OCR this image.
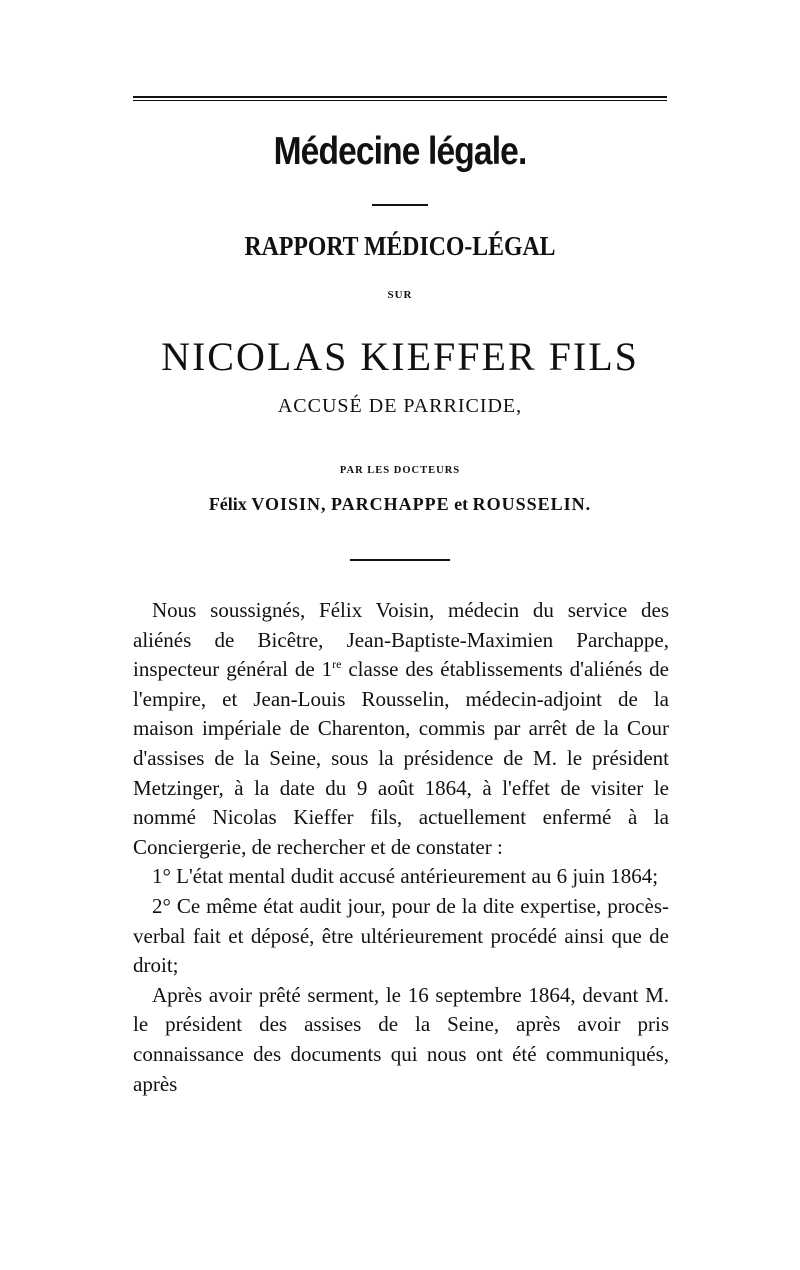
Médecine légale.
RAPPORT MÉDICO-LÉGAL
SUR
NICOLAS KIEFFER FILS
ACCUSÉ DE PARRICIDE,
PAR LES DOCTEURS
Félix VOISIN, PARCHAPPE et ROUSSELIN.

Nous soussignés, Félix Voisin, médecin du service des aliénés de Bicêtre, Jean-Baptiste-Maximien Parchappe, inspecteur général de 1re classe des établissements d'aliénés de l'empire, et Jean-Louis Rousselin, médecin-adjoint de la maison impériale de Charenton, commis par arrêt de la Cour d'assises de la Seine, sous la présidence de M. le président Metzinger, à la date du 9 août 1864, à l'effet de visiter le nommé Nicolas Kieffer fils, actuellement enfermé à la Conciergerie, de rechercher et de constater :

1° L'état mental dudit accusé antérieurement au 6 juin 1864;

2° Ce même état audit jour, pour de la dite expertise, procès-verbal fait et déposé, être ultérieurement procédé ainsi que de droit;

Après avoir prêté serment, le 16 septembre 1864, devant M. le président des assises de la Seine, après avoir pris connaissance des documents qui nous ont été communiqués, après
